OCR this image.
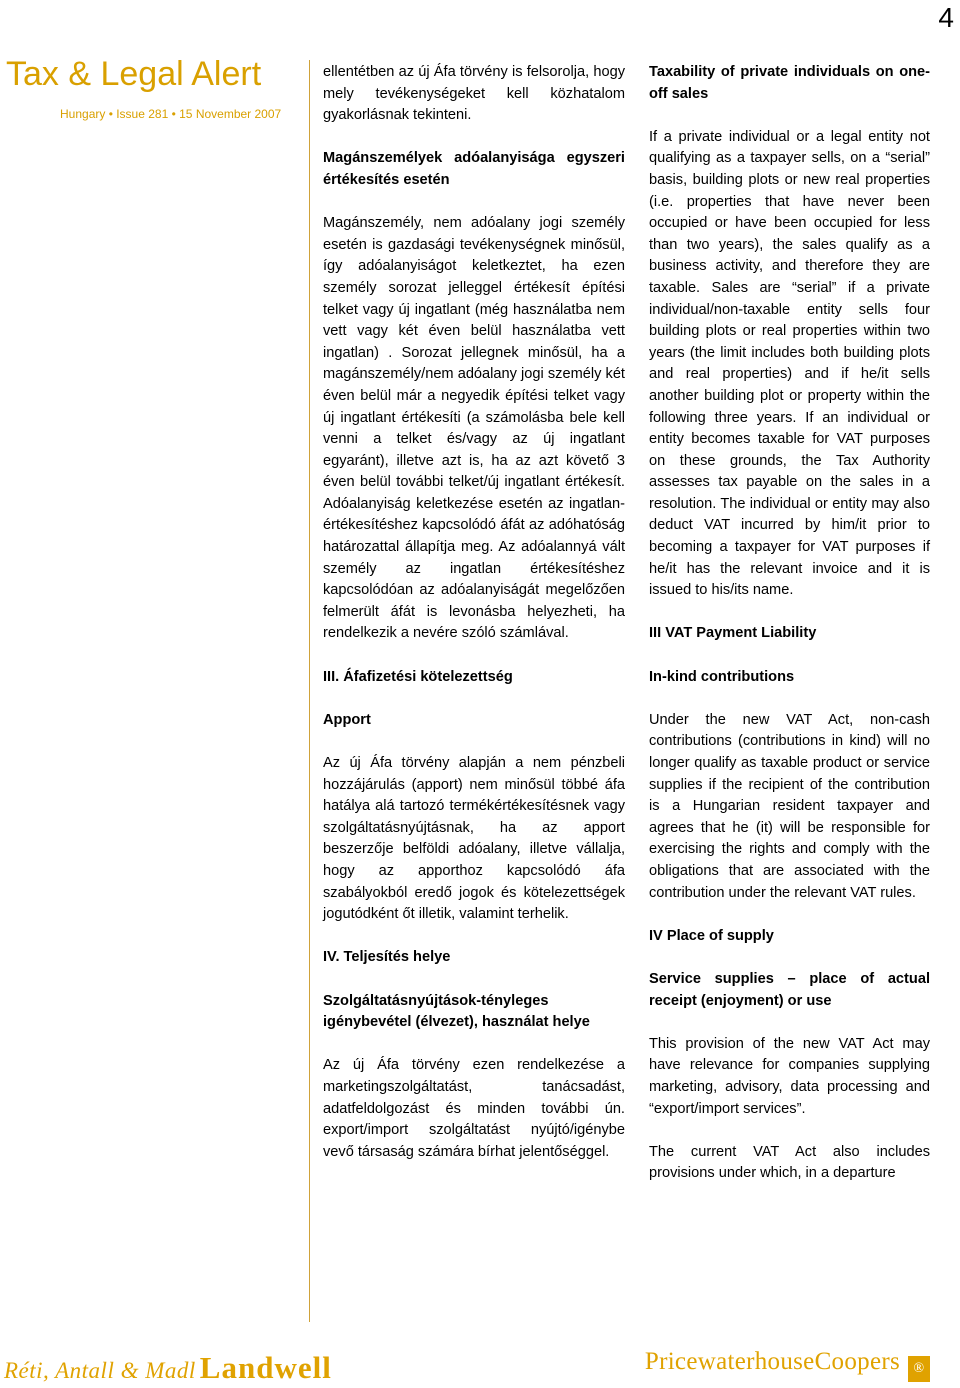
4
Tax & Legal Alert
Hungary • Issue 281 • 15 November 2007

ellentétben az új Áfa törvény is felsorolja, hogy mely tevékenységeket kell közhatalom gyakorlásnak tekinteni.

Magánszemélyek adóalanyisága egyszeri értékesítés esetén

Magánszemély, nem adóalany jogi személy esetén is gazdasági tevékenységnek minősül, így adóalanyiságot keletkeztet, ha ezen személy sorozat jelleggel értékesít építési telket vagy új ingatlant (még használatba nem vett vagy két éven belül használatba vett ingatlan) . Sorozat jellegnek minősül, ha a magánszemély/nem adóalany jogi személy két éven belül már a negyedik építési telket vagy új ingatlant értékesíti (a számolásba bele kell venni a telket és/vagy az új ingatlant egyaránt), illetve azt is, ha az azt követő 3 éven belül további telket/új ingatlant értékesít. Adóalanyiság keletkezése esetén az ingatlan-értékesítéshez kapcsolódó áfát az adóhatóság határozattal állapítja meg. Az adóalannyá vált személy az ingatlan értékesítéshez kapcsolódóan az adóalanyiságát megelőzően felmerült áfát is levonásba helyezheti, ha rendelkezik a nevére szóló számlával.

III. Áfafizetési kötelezettség

Apport

Az új Áfa törvény alapján a nem pénzbeli hozzájárulás (apport) nem minősül többé áfa hatálya alá tartozó termékértékesítésnek vagy szolgáltatásnyújtásnak, ha az apport beszerzője belföldi adóalany, illetve vállalja, hogy az apporthoz kapcsolódó áfa szabályokból eredő jogok és kötelezettségek jogutódként őt illetik, valamint terhelik.

IV. Teljesítés helye

Szolgáltatásnyújtások-tényleges igénybevétel (élvezet), használat helye

Az új Áfa törvény ezen rendelkezése a marketingszolgáltatást, tanácsadást, adatfeldolgozást és minden további ún. export/import szolgáltatást nyújtó/igénybe vevő társaság számára bírhat jelentőséggel.

Taxability of private individuals on one-off sales

If a private individual or a legal entity not qualifying as a taxpayer sells, on a “serial” basis, building plots or new real properties (i.e. properties that have never been occupied or have been occupied for less than two years), the sales qualify as a business activity, and therefore they are taxable. Sales are “serial” if a private individual/non-taxable entity sells four building plots or real properties within two years (the limit includes both building plots and real properties) and if he/it sells another building plot or property within the following three years. If an individual or entity becomes taxable for VAT purposes on these grounds, the Tax Authority assesses tax payable on the sales in a resolution. The individual or entity may also deduct VAT incurred by him/it prior to becoming a taxpayer for VAT purposes if he/it has the relevant invoice and it is issued to his/its name.

III VAT Payment Liability

In-kind contributions

Under the new VAT Act, non-cash contributions (contributions in kind) will no longer qualify as taxable product or service supplies if the recipient of the contribution is a Hungarian resident taxpayer and agrees that he (it) will be responsible for exercising the rights and comply with the obligations that are associated with the contribution under the relevant VAT rules.

IV Place of supply

Service supplies – place of actual receipt (enjoyment) or use

This provision of the new VAT Act may have relevance for companies supplying marketing, advisory, data processing and “export/import services”.

The current VAT Act also includes provisions under which, in a departure

Réti, Antall & Madl Landwell	PricewaterhouseCoopers ®
